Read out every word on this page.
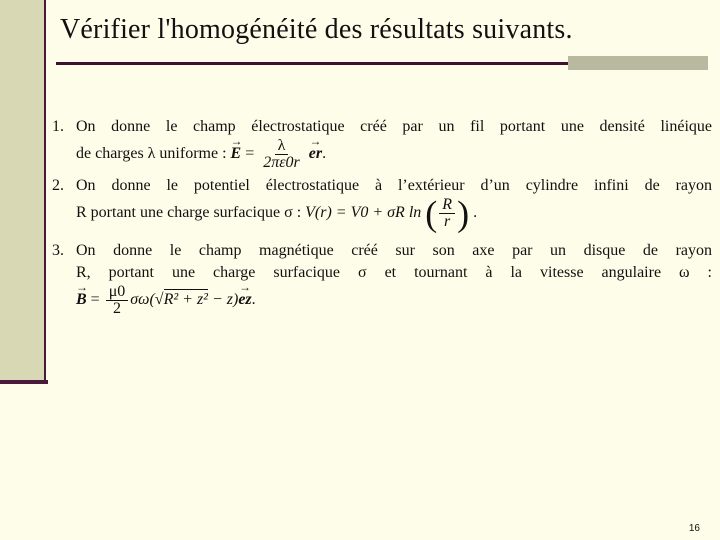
Vérifier l'homogénéité des résultats suivants.
1. On donne le champ électrostatique créé par un fil portant une densité linéique
de charges λ uniforme : → $E = \frac{\lambda}{2\pi\varepsilon 0r}$ → er.
2. On donne le potentiel électrostatique à l’extérieur d’un cylindre infini de rayon
R portant une charge surfacique σ : V(r) = V0 + σR ln ( $\frac{R}{r}$ ) .
3. On donne le champ magnétique créé sur son axe par un disque de rayon
R, portant une charge surfacique σ et tournant à la vitesse angulaire ω :
→ $B = \frac{\mu 0}{2} \sigma\omega(√R^2 + z^2 - z)\to$ ez.
16
